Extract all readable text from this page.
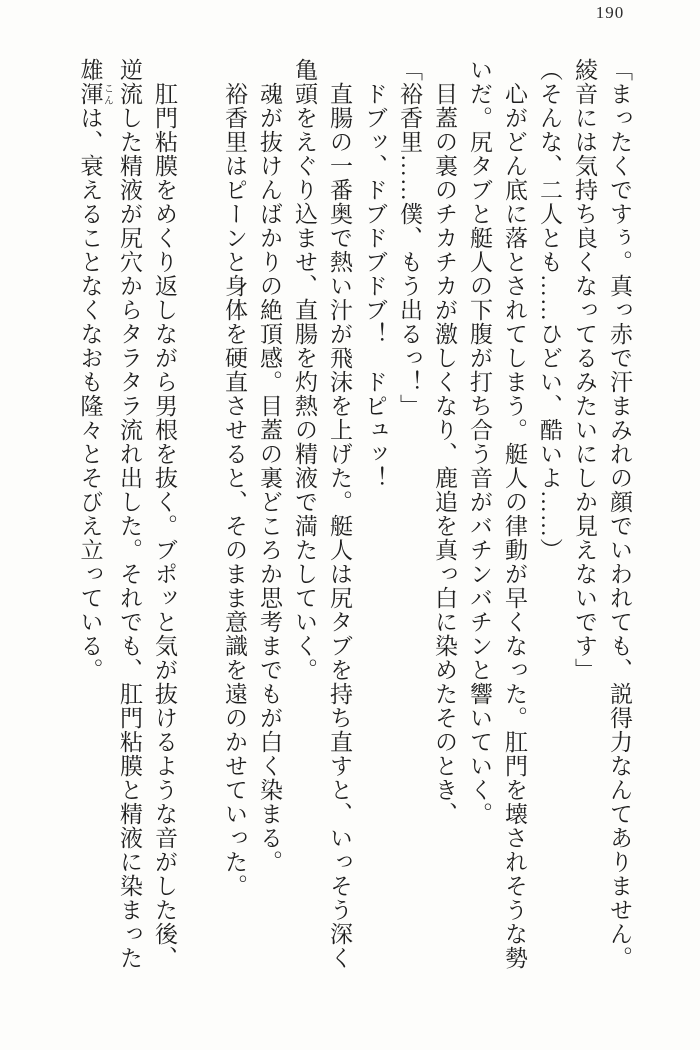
190

「まったくですぅ。真っ赤で汗まみれの顔でいわれても、説得力なんてありません。

綾音には気持ち良くなってるみたいにしか見えないです」

（そんな、二人とも……ひどい、酷いよ……）

心がどん底に落とされてしまう。艇人の律動が早くなった。肛門を壊されそうな勢

いだ。尻タブと艇人の下腹が打ち合う音がバチンバチンと響いていく。

目蓋の裏のチカチカが激しくなり、鹿追を真っ白に染めたそのとき、

「裕香里……僕、もう出るっ！」

ドブッ、ドブドブドブ！　ドピュッ！

直腸の一番奥で熱い汁が飛沫を上げた。艇人は尻タブを持ち直すと、いっそう深く

亀頭をえぐり込ませ、直腸を灼熱の精液で満たしていく。

魂が抜けんばかりの絶頂感。目蓋の裏どころか思考までもが白く染まる。

裕香里はピーンと身体を硬直させると、そのまま意識を遠のかせていった。

肛門粘膜をめくり返しながら男根を抜く。ブポッと気が抜けるような音がした後、

逆流した精液が尻穴からタラタラ流れ出した。それでも、肛門粘膜と精液に染まった

雄渾 こんは、衰えることなくなおも隆々とそびえ立っている。
